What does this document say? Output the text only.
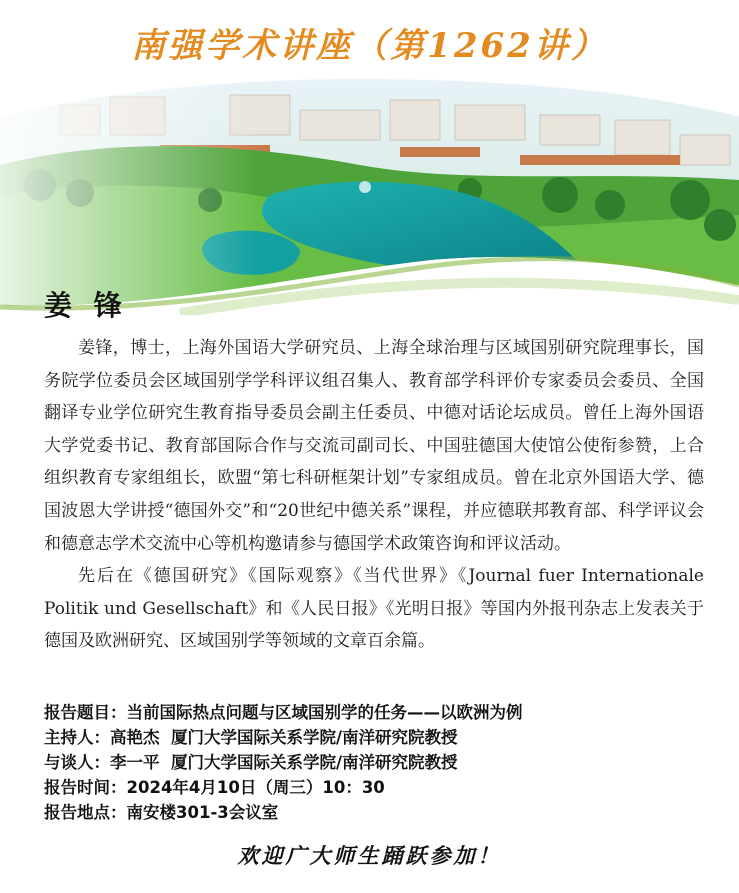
南强学术讲座（第1262讲）
姜 锋

姜锋，博士，上海外国语大学研究员、上海全球治理与区域国别研究院理事长，国务院学位委员会区域国别学学科评议组召集人、教育部学科评价专家委员会委员、全国翻译专业学位研究生教育指导委员会副主任委员、中德对话论坛成员。曾任上海外国语大学党委书记、教育部国际合作与交流司副司长、中国驻德国大使馆公使衔参赞，上合组织教育专家组组长，欧盟“第七科研框架计划”专家组成员。曾在北京外国语大学、德国波恩大学讲授“德国外交”和“20世纪中德关系”课程，并应德联邦教育部、科学评议会和德意志学术交流中心等机构邀请参与德国学术政策咨询和评议活动。

先后在《德国研究》《国际观察》《当代世界》《Journal fuer Internationale Politik und Gesellschaft》和《人民日报》《光明日报》等国内外报刊杂志上发表关于德国及欧洲研究、区域国别学等领域的文章百余篇。

报告题目：当前国际热点问题与区域国别学的任务——以欧洲为例
主持人：高艳杰  厦门大学国际关系学院/南洋研究院教授
与谈人：李一平  厦门大学国际关系学院/南洋研究院教授
报告时间：2024年4月10日（周三）10：30
报告地点：南安楼301-3会议室
欢迎广大师生踊跃参加！
